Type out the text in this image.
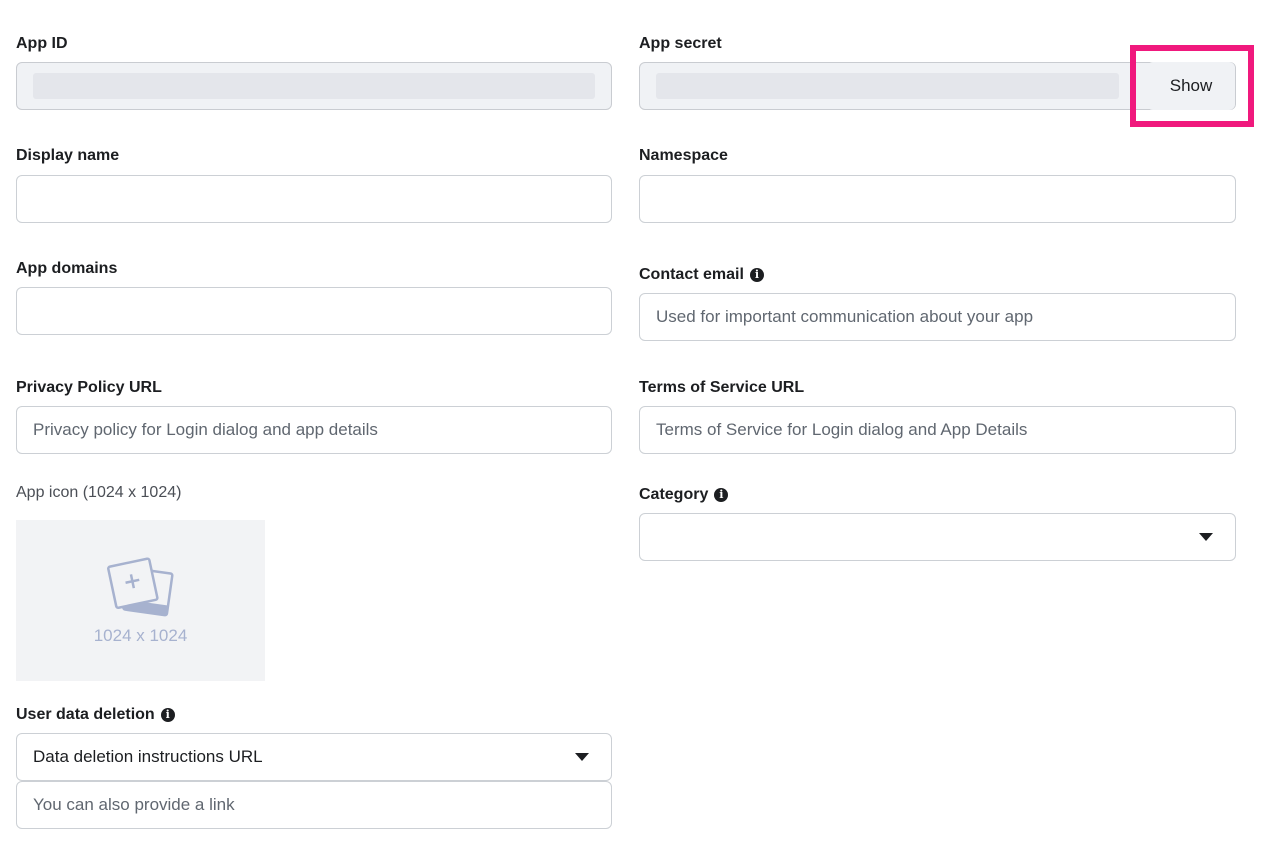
App ID	App secret
Show
Display name	Namespace
App domains	Contact email i
Used for important communication about your app
Privacy Policy URL
Privacy policy for Login dialog and app details
Terms of Service URL
Terms of Service for Login dialog and App Details
App icon (1024 x 1024)
1024 x 1024
Category i
User data deletion i
Data deletion instructions URL
You can also provide a link
